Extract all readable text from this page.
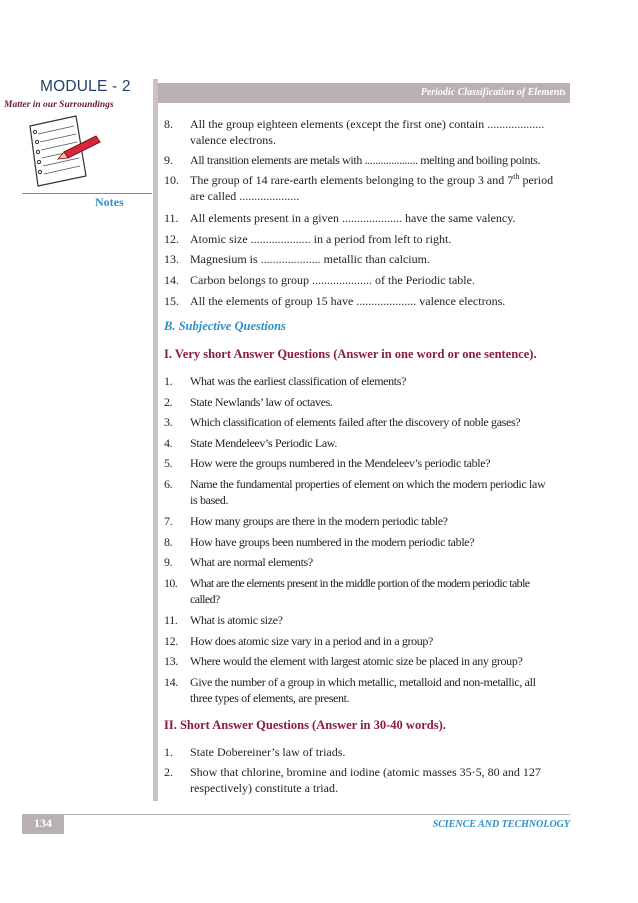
MODULE - 2
Matter in our Surroundings
Periodic Classification of Elements
Notes
8.	All the group eighteen elements (except the first one) contain ...................
valence electrons.
9.	All transition elements are metals with .................... melting and boiling points.
10. The group of 14 rare-earth elements belonging to the group 3 and 7th period
are called ....................
11. All elements present in a given .................... have the same valency.
12. Atomic size .................... in a period from left to right.
13. Magnesium is .................... metallic than calcium.
14. Carbon belongs to group .................... of the Periodic table.
15. All the elements of group 15 have .................... valence electrons.
B. Subjective Questions
I. Very short Answer Questions (Answer in one word or one sentence).
1.	What was the earliest classification of elements?
2.	State Newlands’ law of octaves.
3.	Which classification of elements failed after the discovery of noble gases?
4.	State Mendeleev’s Periodic Law.
5.	How were the groups numbered in the Mendeleev’s periodic table?
6.	Name the fundamental properties of element on which the modern periodic law
is based.
7.	How many groups are there in the modern periodic table?
8.	How have groups been numbered in the modern periodic table?
9.	What are normal elements?
10.	What are the elements present in the middle portion of the modern periodic table
called?
11.	What is atomic size?
12.	How does atomic size vary in a period and in a group?
13.	Where would the element with largest atomic size be placed in any group?
14.	Give the number of a group in which metallic, metalloid and non-metallic, all
three types of elements, are present.
II. Short Answer Questions (Answer in 30-40 words).
1.	State Dobereiner’s law of triads.
2.	Show that chlorine, bromine and iodine (atomic masses 35·5, 80 and 127
respectively) constitute a triad.
134	SCIENCE AND TECHNOLOGY
